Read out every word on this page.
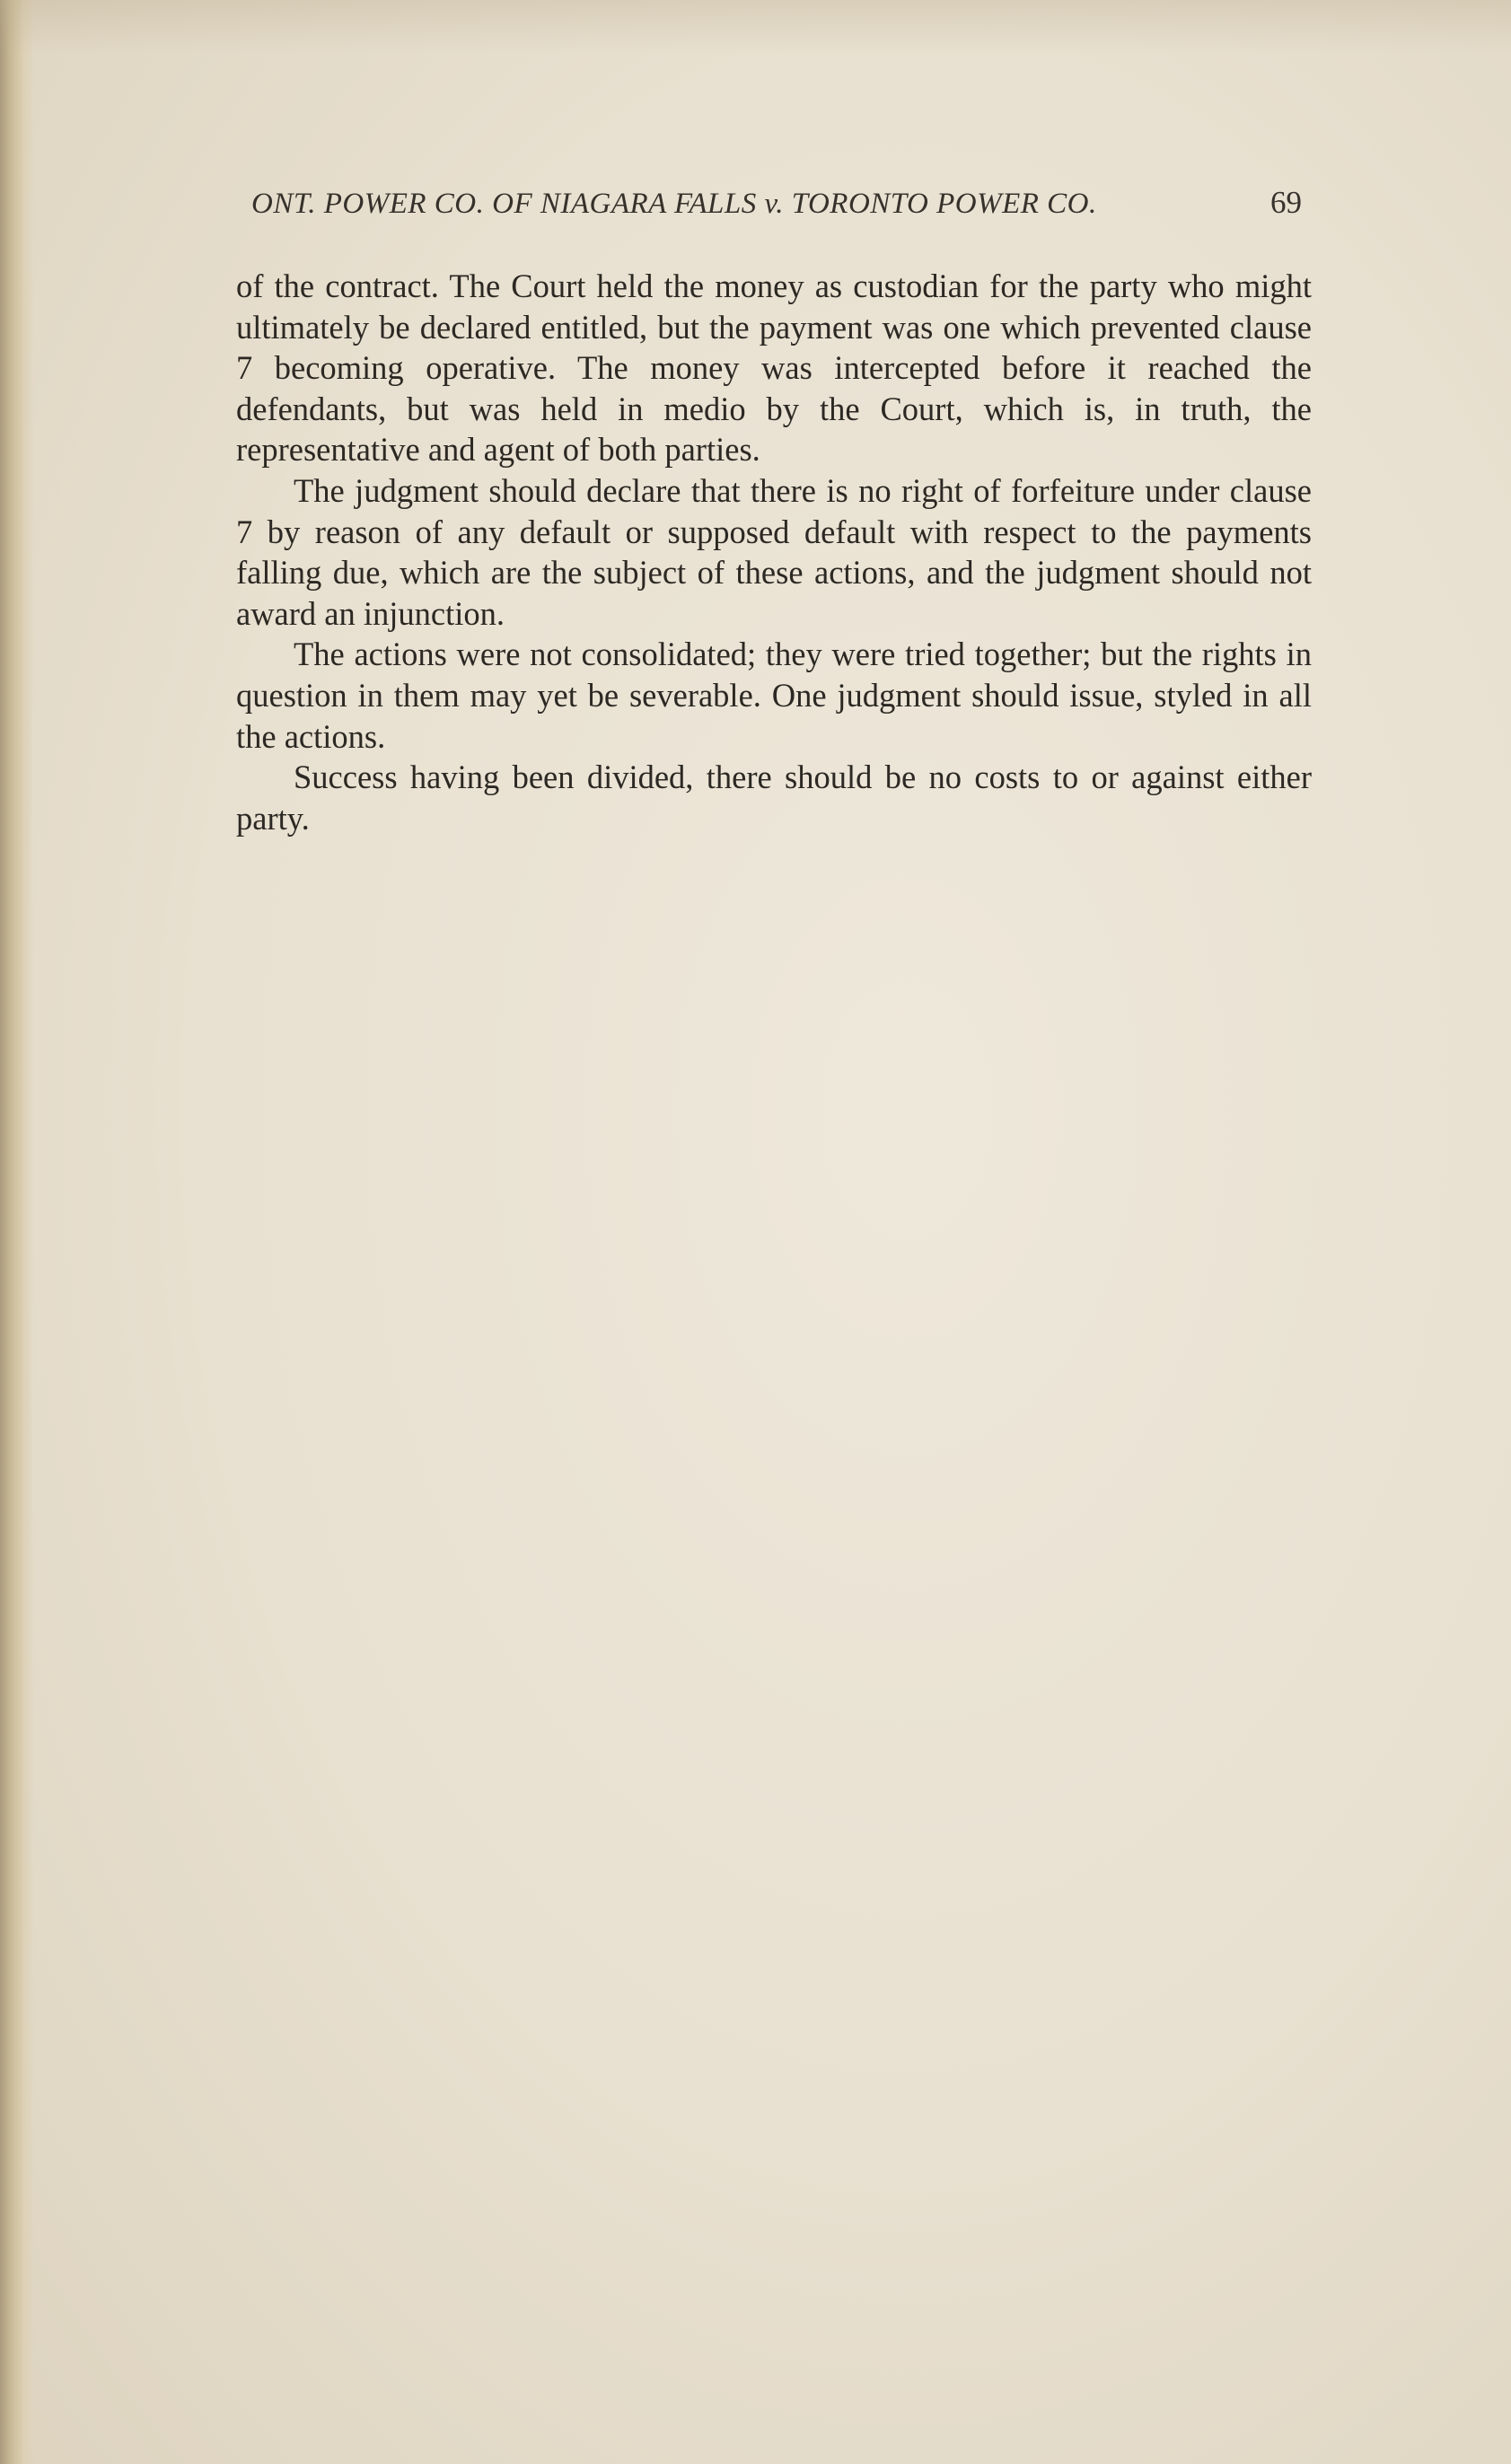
ONT. POWER CO. OF NIAGARA FALLS v. TORONTO POWER CO.	69

of the contract. The Court held the money as custodian for the party who might ultimately be declared entitled, but the payment was one which prevented clause 7 becoming operative. The money was intercepted before it reached the defendants, but was held in medio by the Court, which is, in truth, the representative and agent of both parties.

The judgment should declare that there is no right of forfeiture under clause 7 by reason of any default or supposed default with respect to the payments falling due, which are the subject of these actions, and the judgment should not award an injunction.

The actions were not consolidated; they were tried together; but the rights in question in them may yet be severable. One judgment should issue, styled in all the actions.

Success having been divided, there should be no costs to or against either party.
